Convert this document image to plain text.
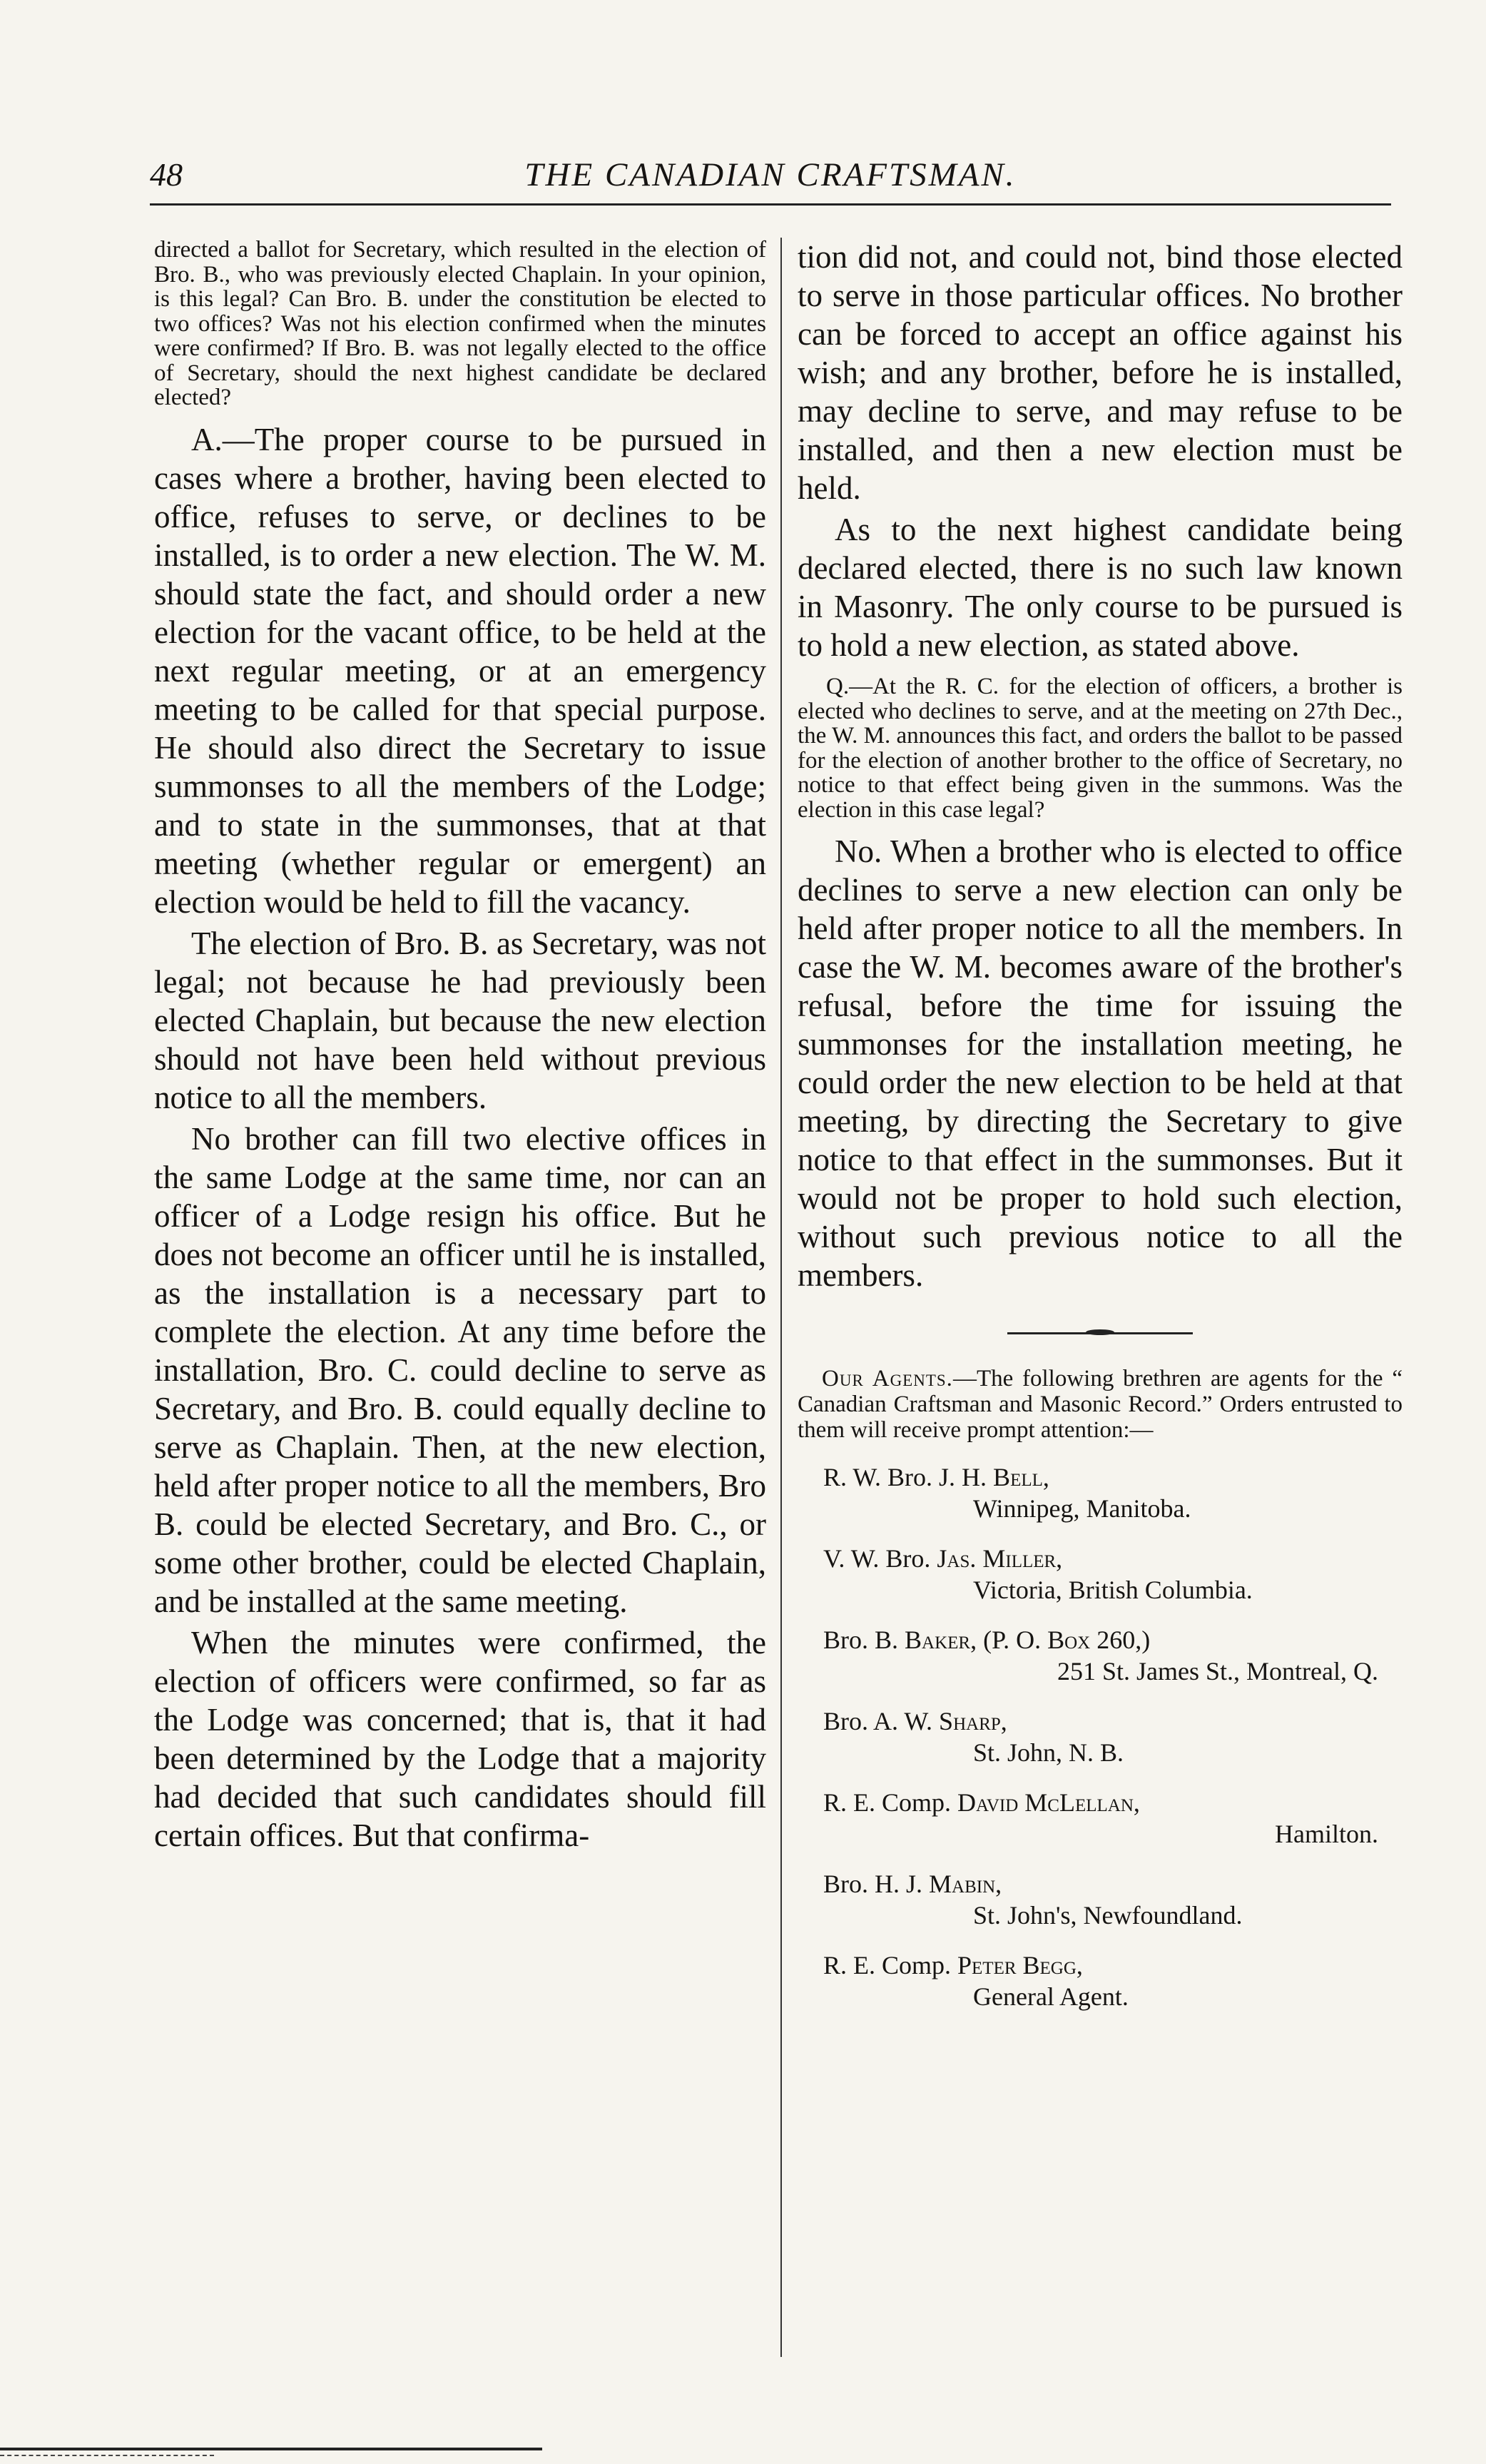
48	THE CANADIAN CRAFTSMAN.

directed a ballot for Secretary, which resulted in the election of Bro. B., who was previously elected Chaplain. In your opinion, is this legal? Can Bro. B. under the constitution be elected to two offices? Was not his election confirmed when the minutes were confirmed? If Bro. B. was not legally elected to the office of Secretary, should the next highest candidate be declared elected?

A.—The proper course to be pursued in cases where a brother, having been elected to office, refuses to serve, or declines to be installed, is to order a new election. The W. M. should state the fact, and should order a new election for the vacant office, to be held at the next regular meeting, or at an emergency meeting to be called for that special purpose. He should also direct the Secretary to issue summonses to all the members of the Lodge; and to state in the summonses, that at that meeting (whether regular or emergent) an election would be held to fill the vacancy.

The election of Bro. B. as Secretary, was not legal; not because he had previously been elected Chaplain, but because the new election should not have been held without previous notice to all the members.

No brother can fill two elective offices in the same Lodge at the same time, nor can an officer of a Lodge resign his office. But he does not become an officer until he is installed, as the installation is a necessary part to complete the election. At any time before the installation, Bro. C. could decline to serve as Secretary, and Bro. B. could equally decline to serve as Chaplain. Then, at the new election, held after proper notice to all the members, Bro B. could be elected Secretary, and Bro. C., or some other brother, could be elected Chaplain, and be installed at the same meeting.

When the minutes were confirmed, the election of officers were confirmed, so far as the Lodge was concerned; that is, that it had been determined by the Lodge that a majority had decided that such candidates should fill certain offices. But that confirma-

tion did not, and could not, bind those elected to serve in those particular offices. No brother can be forced to accept an office against his wish; and any brother, before he is installed, may decline to serve, and may refuse to be installed, and then a new election must be held.

As to the next highest candidate being declared elected, there is no such law known in Masonry. The only course to be pursued is to hold a new election, as stated above.

Q.—At the R. C. for the election of officers, a brother is elected who declines to serve, and at the meeting on 27th Dec., the W. M. announces this fact, and orders the ballot to be passed for the election of another brother to the office of Secretary, no notice to that effect being given in the summons. Was the election in this case legal?

No. When a brother who is elected to office declines to serve a new election can only be held after proper notice to all the members. In case the W. M. becomes aware of the brother's refusal, before the time for issuing the summonses for the installation meeting, he could order the new election to be held at that meeting, by directing the Secretary to give notice to that effect in the summonses. But it would not be proper to hold such election, without such previous notice to all the members.

Our Agents.—The following brethren are agents for the “ Canadian Craftsman and Masonic Record.” Orders entrusted to them will receive prompt attention:—

R. W. Bro. J. H. Bell,
Winnipeg, Manitoba.
V. W. Bro. Jas. Miller,
Victoria, British Columbia.
Bro. B. Baker, (P. O. Box 260,)
251 St. James St., Montreal, Q.
Bro. A. W. Sharp,
St. John, N. B.
R. E. Comp. David McLellan,
Hamilton.
Bro. H. J. Mabin,
St. John's, Newfoundland.
R. E. Comp. Peter Begg,
General Agent.
